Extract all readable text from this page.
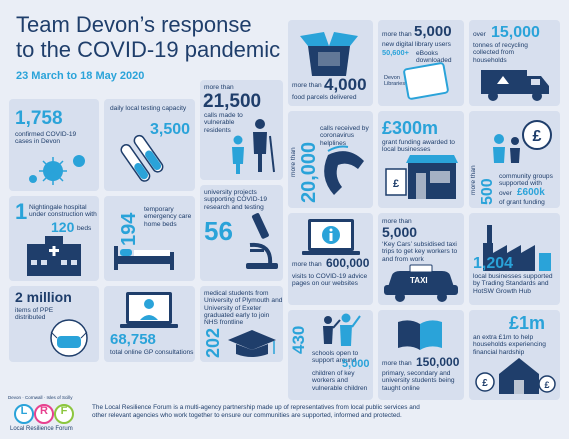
Team Devon’s response
to the COVID-19 pandemic
23 March to 18 May 2020
1,758
confirmed COVID-19 cases in Devon
1 Nightingale hospital under construction with
120 beds
2 million
items of PPE distributed
daily local testing capacity
3,500
194
temporary emergency care home beds
68,758
total online GP consultations
more than
21,500
calls made to vulnerable residents
university projects supporting COVID-19 research and testing
56
medical students from University of Plymouth and University of Exeter graduated early to join NHS frontline
202
more than 4,000
food parcels delivered
calls received by coronavirus helplines
more than 20,000
more than 600,000
visits to COVID-19 advice pages on our websites
430 schools open to support around
5,000
children of key workers and vulnerable children
more than 5,000
new digital library users
50,600+ eBooks downloaded
Devon Libraries
£300m
grant funding awarded to local businesses
£
more than
5,000
‘Key Cars’ subsidised taxi trips to get key workers to and from work
TAXI
more than 150,000
primary, secondary and university students being taught online
over 15,000
tonnes of recycling collected from households
£
more than 500
community groups supported with
over £600k
of grant funding
1,204
local businesses supported by Trading Standards and HotSW Growth Hub
£1m
an extra £1m to help households experiencing financial hardship
£	£
Devon · Cornwall · Isles of Scilly
L	R	F
Local Resilience Forum
The Local Resilience Forum is a multi-agency partnership made up of representatives from local public services and other relevant agencies who work together to ensure our communities are supported, informed and protected.
